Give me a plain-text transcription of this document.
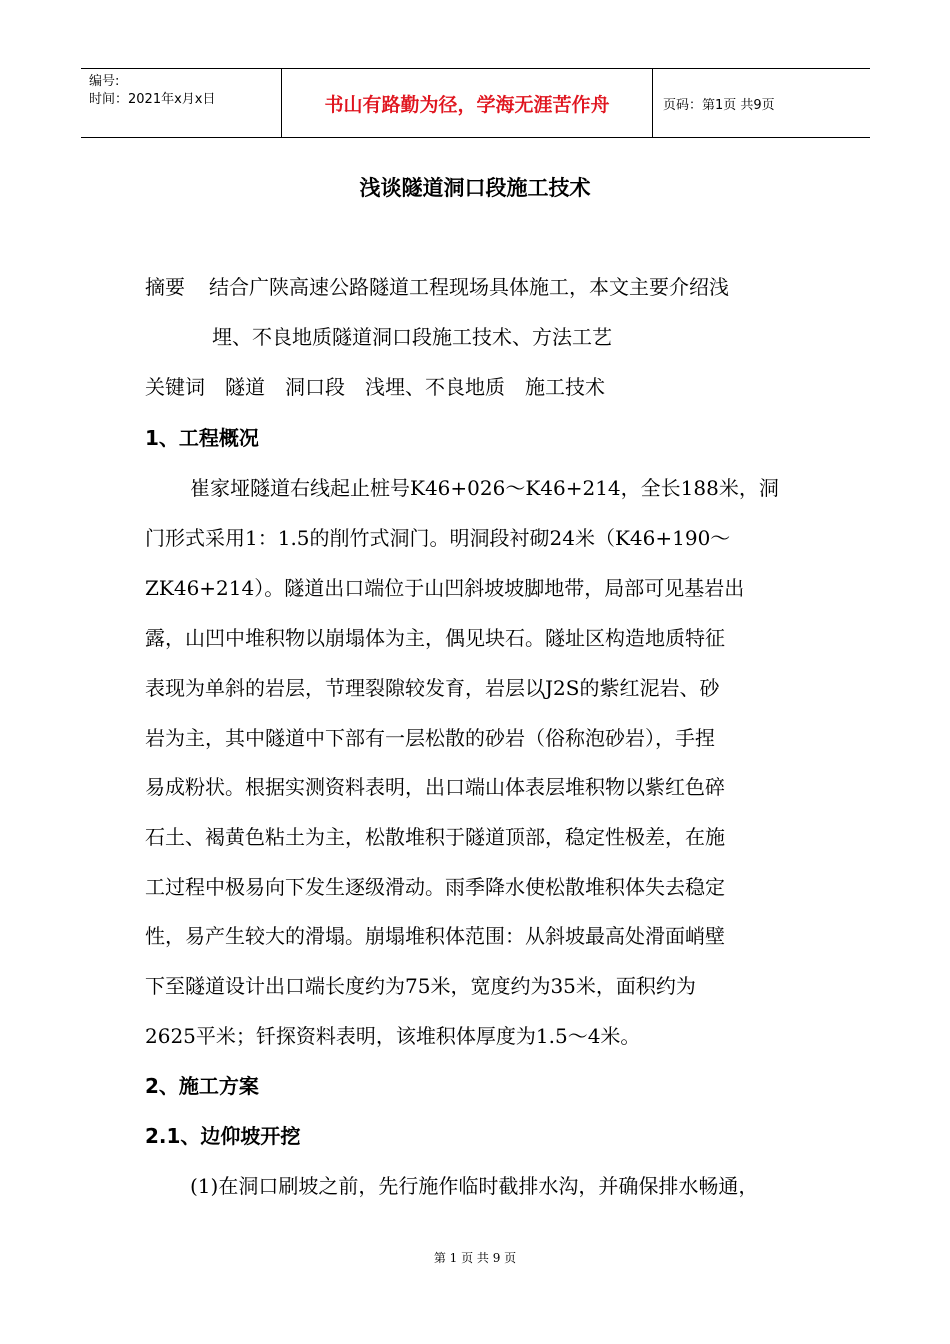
编号:
时间：2021年x月x日	书山有路勤为径，学海无涯苦作舟	页码：第1页 共9页
浅谈隧道洞口段施工技术
摘要 结合广陕高速公路隧道工程现场具体施工，本文主要介绍浅
埋、不良地质隧道洞口段施工技术、方法工艺
关键词 隧道 洞口段 浅埋、不良地质 施工技术
1、工程概况
崔家垭隧道右线起止桩号K46+026～K46+214，全长188米，洞
门形式采用1：1.5的削竹式洞门。明洞段衬砌24米（K46+190～
ZK46+214）。隧道出口端位于山凹斜坡坡脚地带，局部可见基岩出
露，山凹中堆积物以崩塌体为主，偶见块石。隧址区构造地质特征
表现为单斜的岩层，节理裂隙较发育，岩层以J2S的紫红泥岩、砂
岩为主，其中隧道中下部有一层松散的砂岩（俗称泡砂岩），手捏
易成粉状。根据实测资料表明，出口端山体表层堆积物以紫红色碎
石土、褐黄色粘土为主，松散堆积于隧道顶部，稳定性极差，在施
工过程中极易向下发生逐级滑动。雨季降水使松散堆积体失去稳定
性，易产生较大的滑塌。崩塌堆积体范围：从斜坡最高处滑面峭壁
下至隧道设计出口端长度约为75米，宽度约为35米，面积约为
2625平米；钎探资料表明，该堆积体厚度为1.5～4米。
2、施工方案
2.1、边仰坡开挖
(1)在洞口刷坡之前，先行施作临时截排水沟，并确保排水畅通，
第 1 页 共 9 页
